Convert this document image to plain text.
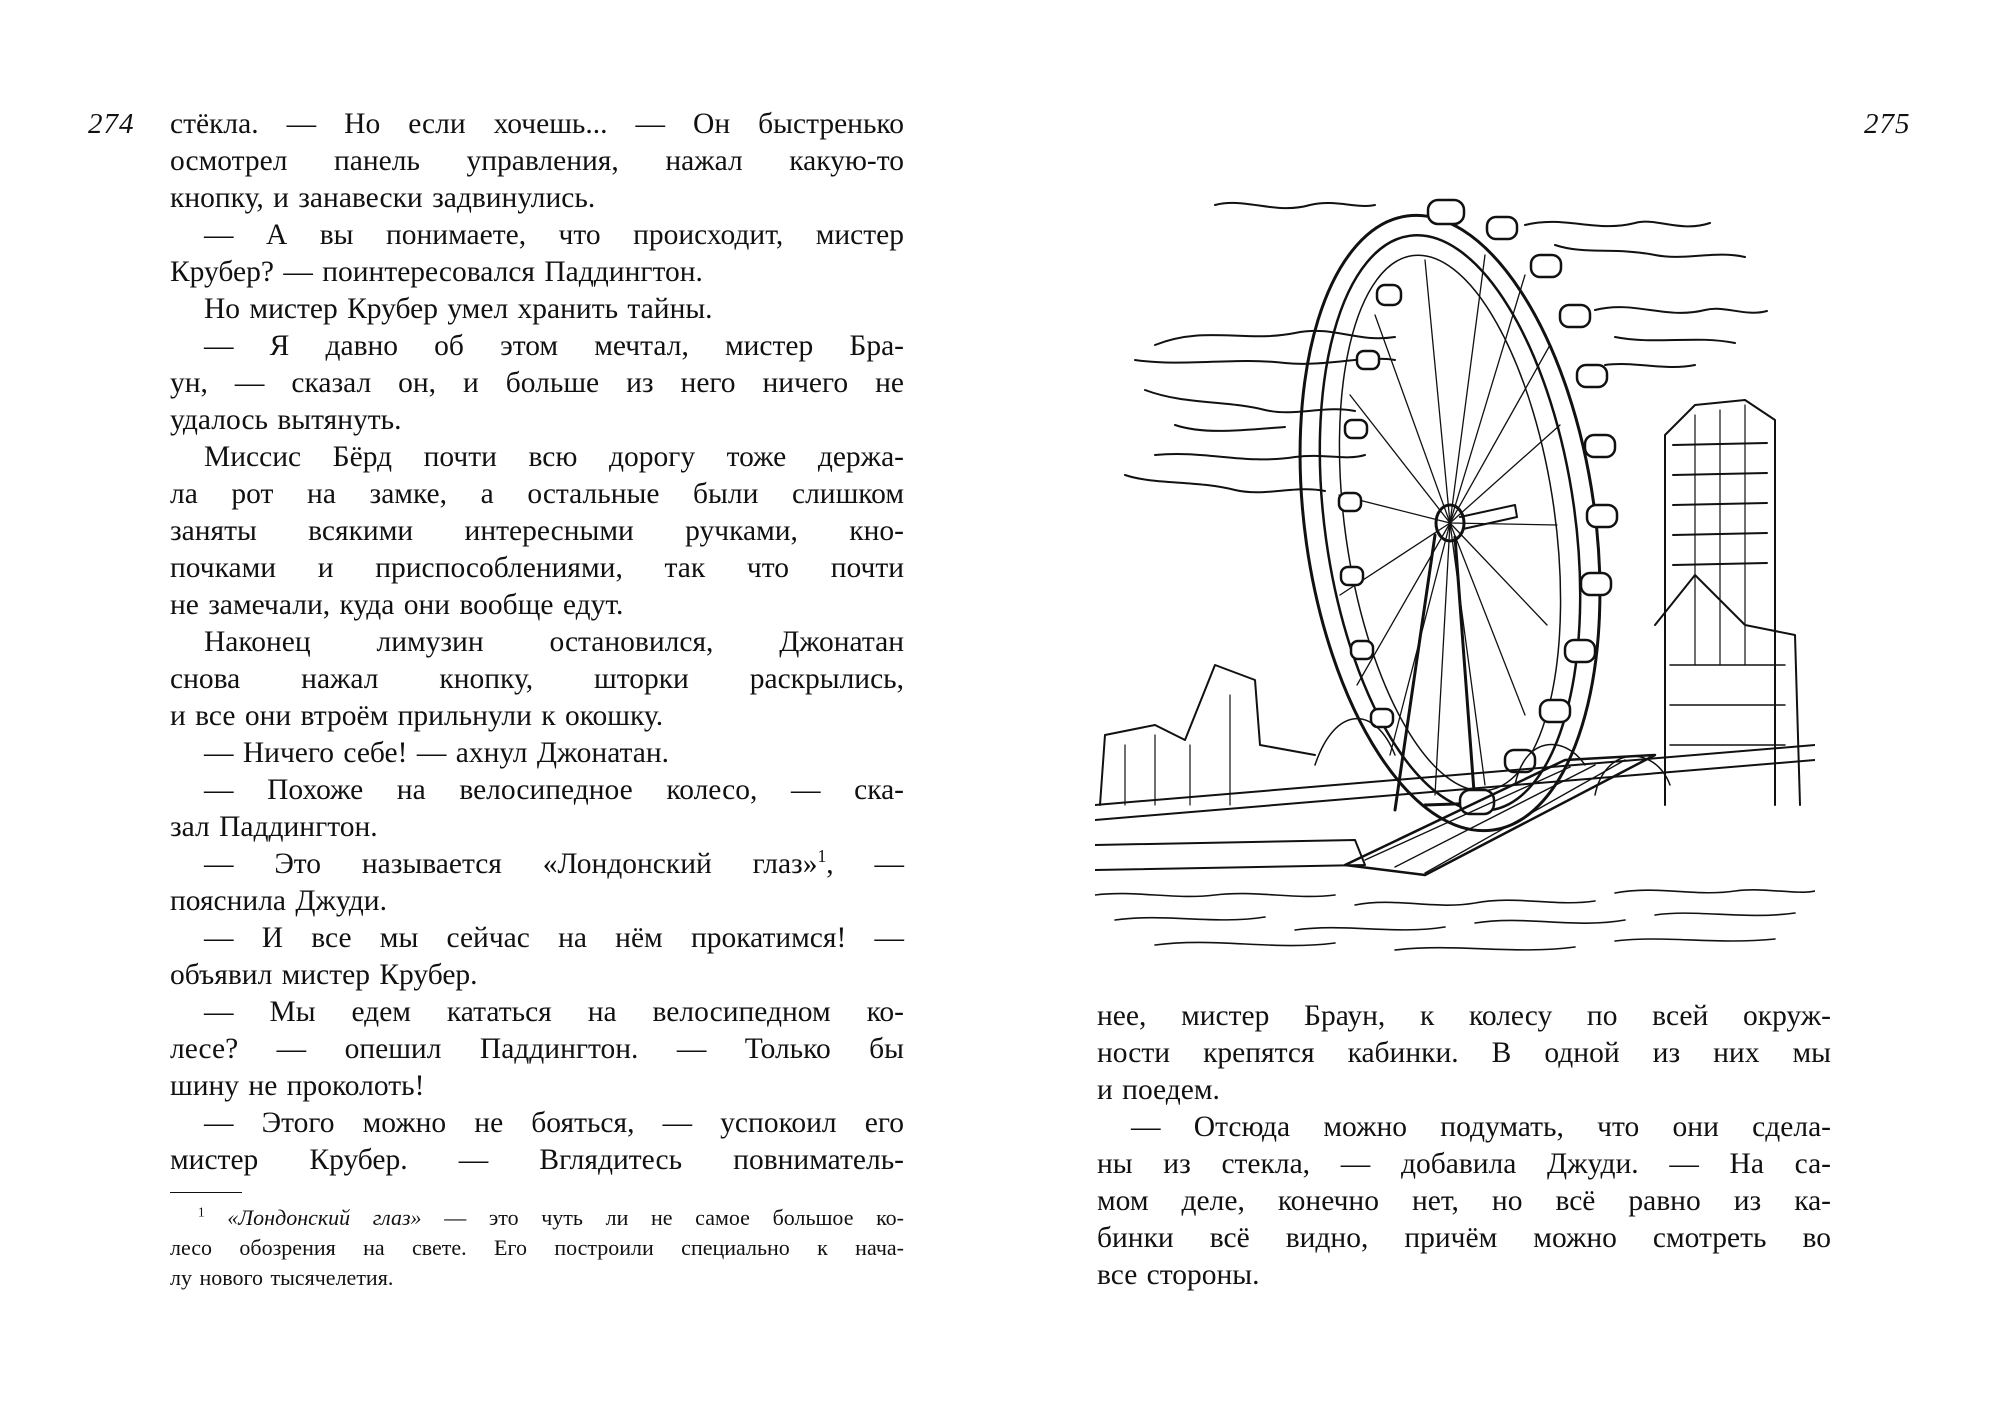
274	275
стёкла. — Но если хочешь... — Он быстренько
осмотрел панель управления, нажал какую-то
кнопку, и занавески задвинулись.
— А вы понимаете, что происходит, мистер
Крубер? — поинтересовался Паддингтон.
Но мистер Крубер умел хранить тайны.
— Я давно об этом мечтал, мистер Бра-
ун, — сказал он, и больше из него ничего не
удалось вытянуть.
Миссис Бёрд почти всю дорогу тоже держа-
ла рот на замке, а остальные были слишком
заняты всякими интересными ручками, кно-
почками и приспособлениями, так что почти
не замечали, куда они вообще едут.
Наконец лимузин остановился, Джонатан
снова нажал кнопку, шторки раскрылись,
и все они втроём прильнули к окошку.
— Ничего себе! — ахнул Джонатан.
— Похоже на велосипедное колесо, — ска-
зал Паддингтон.
— Это называется «Лондонский глаз»$^1$, —
пояснила Джуди.
— И все мы сейчас на нём прокатимся! —
объявил мистер Крубер.
— Мы едем кататься на велосипедном ко-
лесе? — опешил Паддингтон. — Только бы
шину не проколоть!
— Этого можно не бояться, — успокоил его
мистер Крубер. — Вглядитесь повниматель-
$^1$ «Лондонский глаз» — это чуть ли не самое большое ко-
лесо обозрения на свете. Его построили специально к нача-
лу нового тысячелетия.
нее, мистер Браун, к колесу по всей окруж-
ности крепятся кабинки. В одной из них мы
и поедем.
— Отсюда можно подумать, что они сдела-
ны из стекла, — добавила Джуди. — На са-
мом деле, конечно нет, но всё равно из ка-
бинки всё видно, причём можно смотреть во
все стороны.
